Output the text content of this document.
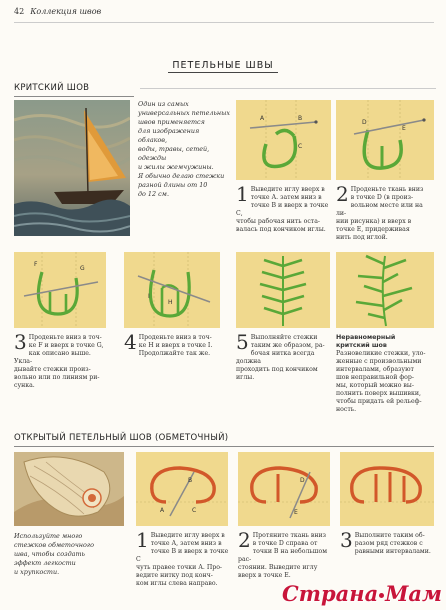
42 Коллекция швов
ПЕТЕЛЬНЫЕ ШВЫ
КРИТСКИЙ ШОВ
Один из самых
универсальных петельных
швов применяется
для изображения облаков,
воды, травы, сетей, одежды
и жилы жемчужины.
Я обычно делаю стежки
разной длины от 10
до 12 см.
A	B
C
D
E
1 Выведите иглу вверх в
точке А. затем вниз в
точке В и вверх в точке С,
чтобы рабочая нить оста-
валась под кончиком иглы.
2 Проденьте ткань вниз
в точке D (в произ-
вольном месте или на ли-
нии рисунка) и вверх в
точке Е, придерживая
нить под иглой.
F
G
H
I
3 Проденьте вниз в точ-
ке F и вверх в точке G,
как описано выше. Укла-
дывайте стежки произ-
вольно или по линиям ри-
сунка.
4 Проденьте вниз в точ-
ке Н и вверх в точке I.
Продолжайте так же.	5 Выполняйте стежки
таким же образом, ра-
бочая нитка всегда должна
проходить под кончиком
иглы.
Неравномерный
критский шов
Разновеликие стежки, уло-
женные с произвольными
интервалами, образуют
шов неправильной фор-
мы, который можно вы-
полнить поверх вышивки,
чтобы придать ей рельеф-
ность.
ОТКРЫТЫЙ ПЕТЕЛЬНЫЙ ШОВ (ОБМЕТОЧНЫЙ)
A
B
C
D
E
Используйте много
стежков обметочного
шва, чтобы создать
эффект легкости
и хрупкости.
1 Выведите иглу вверх в
точке А, затем вниз в
точке В и вверх в точке С
чуть правее точки А. Про-
ведите нитку под конч-
ком иглы слева направо.
2 Протяните ткань вниз
в точке D справа от
точки В на небольшом рас-
стоянии. Выведите иглу
вверх в точке Е.
3 Выполните таким об-
разом ряд стежков с
равными интервалами.
Страна Мам
